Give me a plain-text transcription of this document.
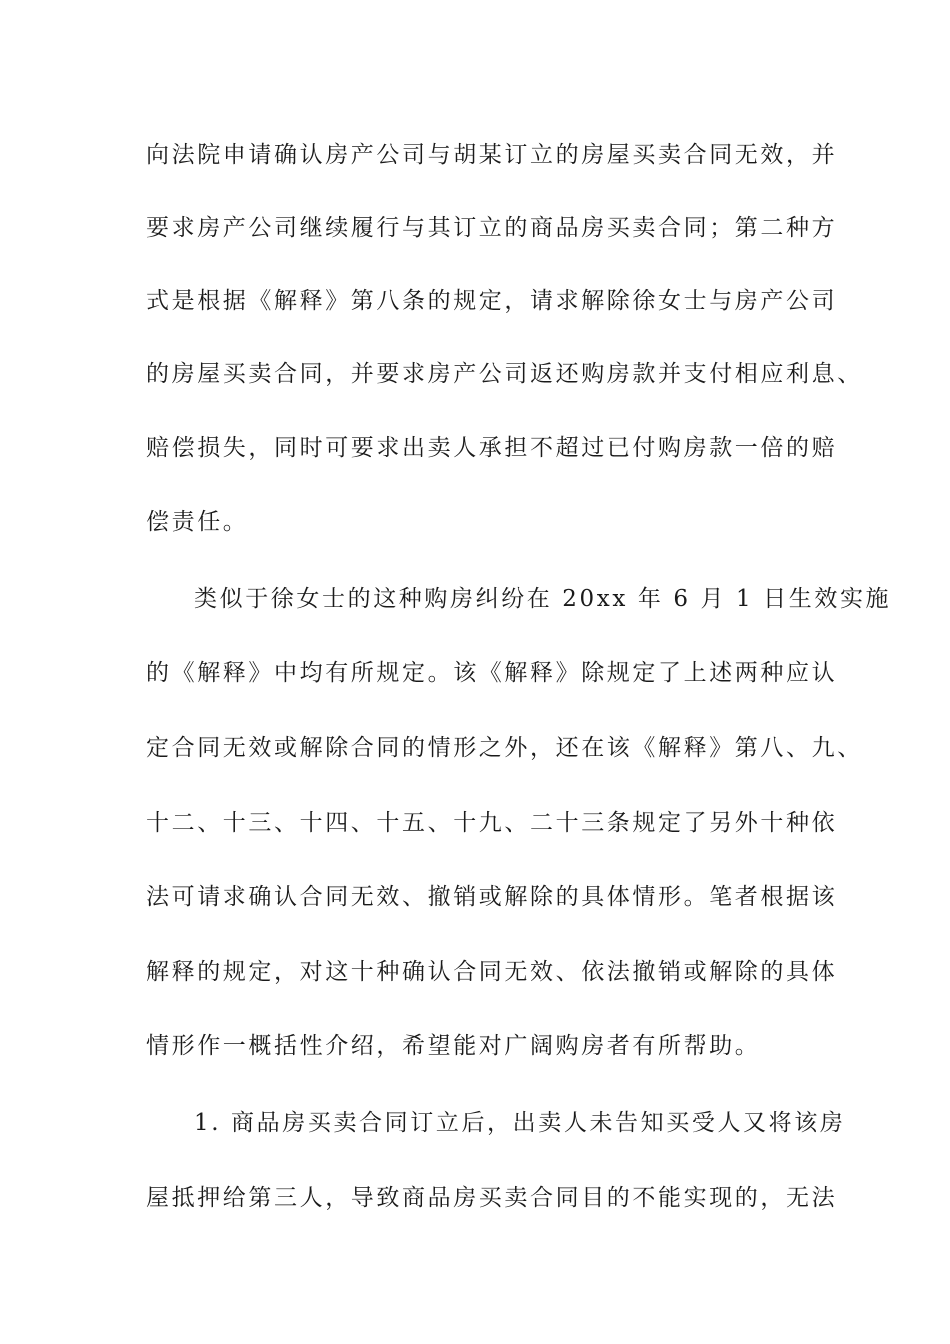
向法院申请确认房产公司与胡某订立的房屋买卖合同无效，并
要求房产公司继续履行与其订立的商品房买卖合同；第二种方
式是根据《解释》第八条的规定，请求解除徐女士与房产公司
的房屋买卖合同，并要求房产公司返还购房款并支付相应利息、
赔偿损失，同时可要求出卖人承担不超过已付购房款一倍的赔
偿责任。
类似于徐女士的这种购房纠纷在 20xx 年 6 月 1 日生效实施
的《解释》中均有所规定。该《解释》除规定了上述两种应认
定合同无效或解除合同的情形之外，还在该《解释》第八、九、
十二、十三、十四、十五、十九、二十三条规定了另外十种依
法可请求确认合同无效、撤销或解除的具体情形。笔者根据该
解释的规定，对这十种确认合同无效、依法撤销或解除的具体
情形作一概括性介绍，希望能对广阔购房者有所帮助。
1. 商品房买卖合同订立后，出卖人未告知买受人又将该房
屋抵押给第三人，导致商品房买卖合同目的不能实现的，无法
